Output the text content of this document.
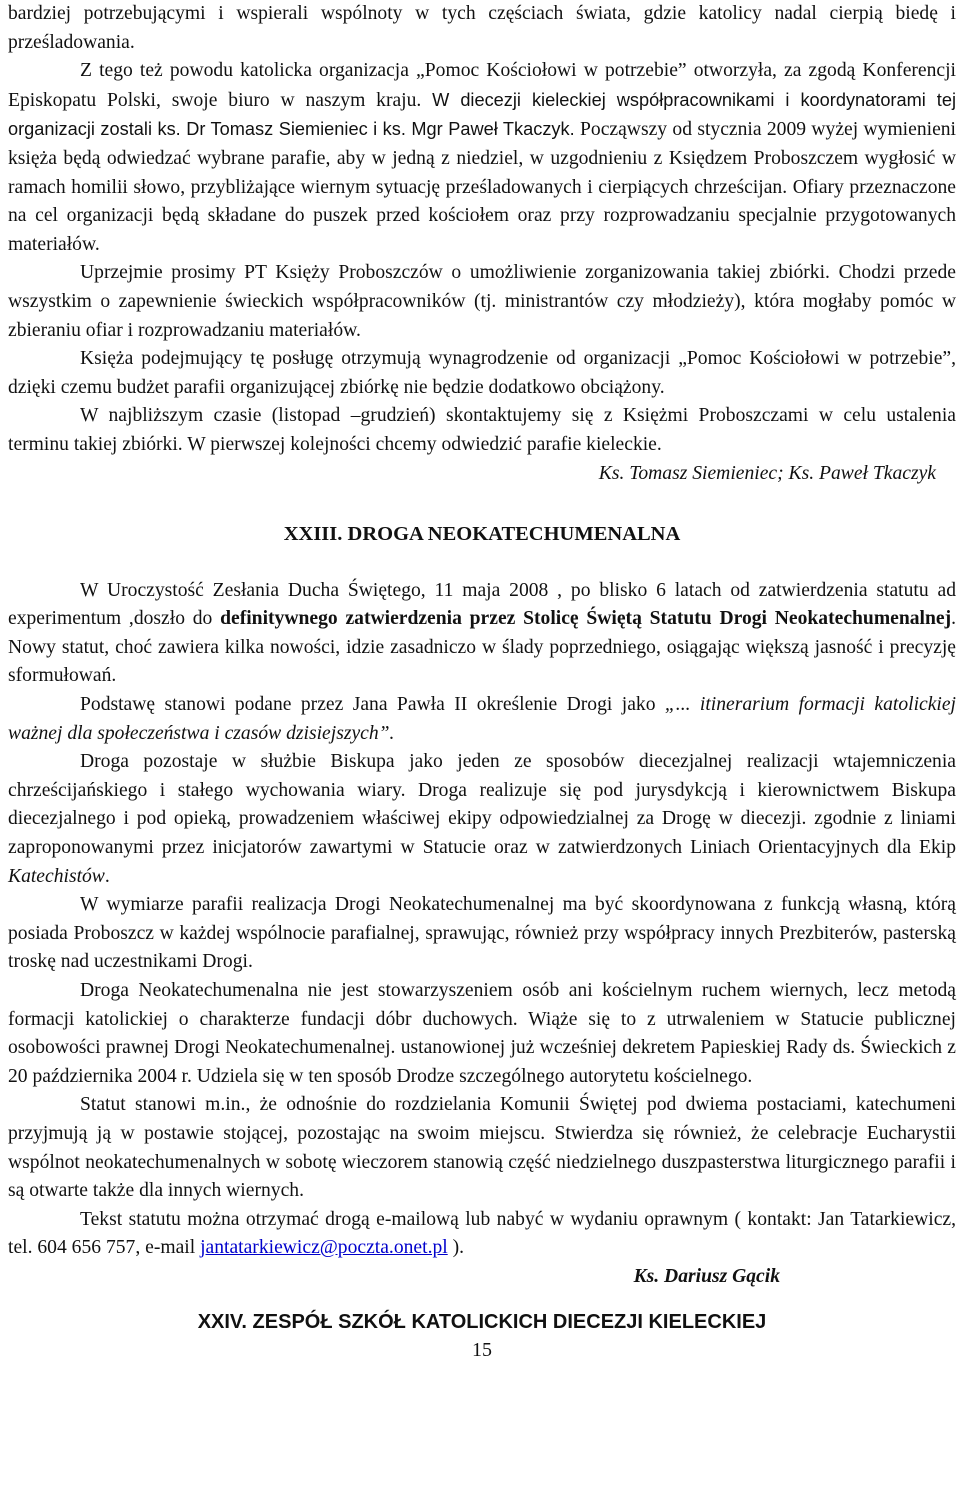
bardziej potrzebującymi i wspierali wspólnoty w tych częściach świata, gdzie katolicy nadal cierpią biedę i prześladowania.

Z tego też powodu katolicka organizacja „Pomoc Kościołowi w potrzebie” otworzyła, za zgodą Konferencji Episkopatu Polski, swoje biuro w naszym kraju. W diecezji kieleckiej współpracownikami i koordynatorami tej organizacji zostali ks. Dr Tomasz Siemieniec i ks. Mgr Paweł Tkaczyk. Począwszy od stycznia 2009 wyżej wymienieni księża będą odwiedzać wybrane parafie, aby w jedną z niedziel, w uzgodnieniu z Księdzem Proboszczem wygłosić w ramach homilii słowo, przybliżające wiernym sytuację prześladowanych i cierpiących chrześcijan. Ofiary przeznaczone na cel organizacji będą składane do puszek przed kościołem oraz przy rozprowadzaniu specjalnie przygotowanych materiałów.

Uprzejmie prosimy PT Księży Proboszczów o umożliwienie zorganizowania takiej zbiórki. Chodzi przede wszystkim o zapewnienie świeckich współpracowników (tj. ministrantów czy młodzieży), która mogłaby pomóc w zbieraniu ofiar i rozprowadzaniu materiałów.

Księża podejmujący tę posługę otrzymują wynagrodzenie od organizacji „Pomoc Kościołowi w potrzebie”, dzięki czemu budżet parafii organizującej zbiórkę nie będzie dodatkowo obciążony.

W najbliższym czasie (listopad –grudzień) skontaktujemy się z Księżmi Proboszczami w celu ustalenia terminu takiej zbiórki. W pierwszej kolejności chcemy odwiedzić parafie kieleckie.

Ks. Tomasz Siemieniec; Ks. Paweł Tkaczyk

XXIII. DROGA NEOKATECHUMENALNA

W Uroczystość Zesłania Ducha Świętego, 11 maja 2008 , po blisko 6 latach od zatwierdzenia statutu ad experimentum ,doszło do definitywnego zatwierdzenia przez Stolicę Świętą Statutu Drogi Neokatechumenalnej. Nowy statut, choć zawiera kilka nowości, idzie zasadniczo w ślady poprzedniego, osiągając większą jasność i precyzję sformułowań.

Podstawę stanowi podane przez Jana Pawła II określenie Drogi jako „... itinerarium formacji katolickiej ważnej dla społeczeństwa i czasów dzisiejszych”.

Droga pozostaje w służbie Biskupa jako jeden ze sposobów diecezjalnej realizacji wtajemniczenia chrześcijańskiego i stałego wychowania wiary. Droga realizuje się pod jurysdykcją i kierownictwem Biskupa diecezjalnego i pod opieką, prowadzeniem właściwej ekipy odpowiedzialnej za Drogę w diecezji. zgodnie z liniami zaproponowanymi przez inicjatorów zawartymi w Statucie oraz w zatwierdzonych Liniach Orientacyjnych dla Ekip Katechistów.

W wymiarze parafii realizacja Drogi Neokatechumenalnej ma być skoordynowana z funkcją własną, którą posiada Proboszcz w każdej wspólnocie parafialnej, sprawując, również przy współpracy innych Prezbiterów, pasterską troskę nad uczestnikami Drogi.

Droga Neokatechumenalna nie jest stowarzyszeniem osób ani kościelnym ruchem wiernych, lecz metodą formacji katolickiej o charakterze fundacji dóbr duchowych. Wiąże się to z utrwaleniem w Statucie publicznej osobowości prawnej Drogi Neokatechumenalnej. ustanowionej już wcześniej dekretem Papieskiej Rady ds. Świeckich z 20 października 2004 r. Udziela się w ten sposób Drodze szczególnego autorytetu kościelnego.

Statut stanowi m.in., że odnośnie do rozdzielania Komunii Świętej pod dwiema postaciami, katechumeni przyjmują ją w postawie stojącej, pozostając na swoim miejscu. Stwierdza się również, że celebracje Eucharystii wspólnot neokatechumenalnych w sobotę wieczorem stanowią część niedzielnego duszpasterstwa liturgicznego parafii i są otwarte także dla innych wiernych.

Tekst statutu można otrzymać drogą e-mailową lub nabyć w wydaniu oprawnym ( kontakt: Jan Tatarkiewicz, tel. 604 656 757, e-mail jantatarkiewicz@poczta.onet.pl ).

Ks. Dariusz Gącik

XXIV. ZESPÓŁ SZKÓŁ KATOLICKICH DIECEZJI KIELECKIEJ

15
